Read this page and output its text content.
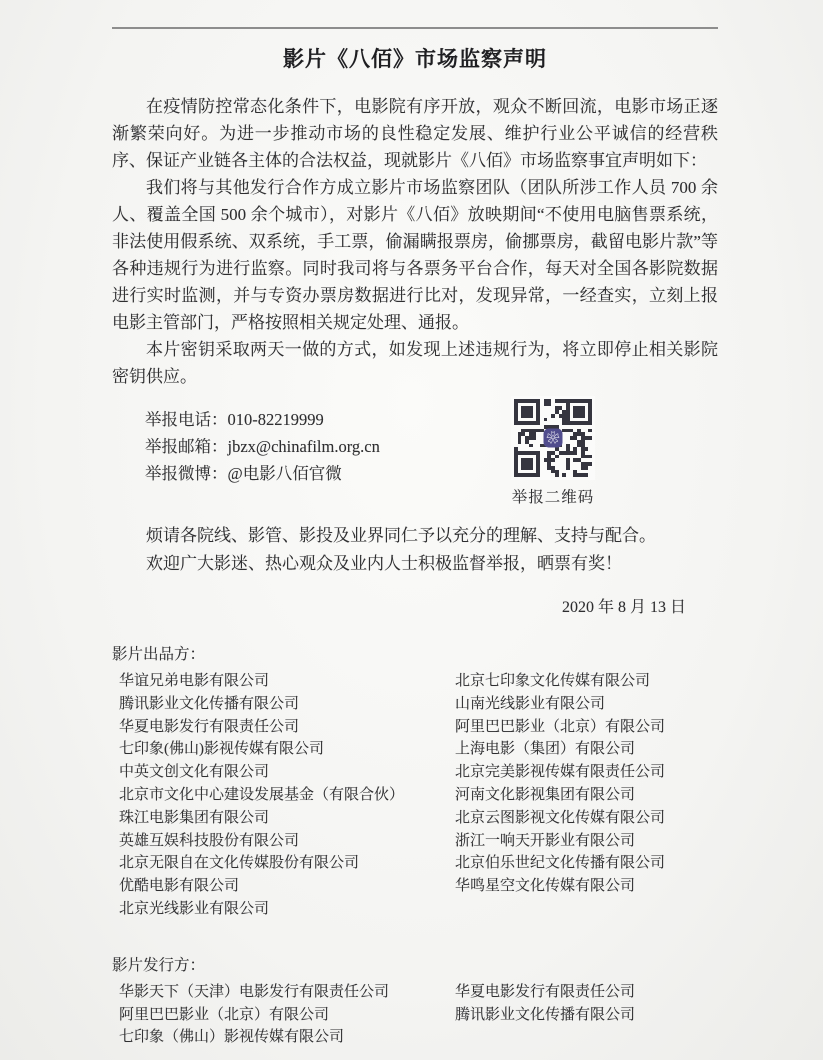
影片《八佰》市场监察声明

在疫情防控常态化条件下，电影院有序开放，观众不断回流，电影市场正逐渐繁荣向好。为进一步推动市场的良性稳定发展、维护行业公平诚信的经营秩序、保证产业链各主体的合法权益，现就影片《八佰》市场监察事宜声明如下：

我们将与其他发行合作方成立影片市场监察团队（团队所涉工作人员 700 余人、覆盖全国 500 余个城市），对影片《八佰》放映期间“不使用电脑售票系统，非法使用假系统、双系统，手工票，偷漏瞒报票房，偷挪票房，截留电影片款”等各种违规行为进行监察。同时我司将与各票务平台合作，每天对全国各影院数据进行实时监测，并与专资办票房数据进行比对，发现异常，一经查实，立刻上报电影主管部门，严格按照相关规定处理、通报。

本片密钥采取两天一做的方式，如发现上述违规行为，将立即停止相关影院密钥供应。

举报电话：010-82219999
举报邮箱：jbzx@chinafilm.org.cn
举报微博：@电影八佰官微
❀
举报二维码

烦请各院线、影管、影投及业界同仁予以充分的理解、支持与配合。

欢迎广大影迷、热心观众及业内人士积极监督举报，晒票有奖！

2020 年 8 月 13 日
影片出品方：
华谊兄弟电影有限公司	北京七印象文化传媒有限公司
腾讯影业文化传播有限公司	山南光线影业有限公司
华夏电影发行有限责任公司	阿里巴巴影业（北京）有限公司
七印象(佛山)影视传媒有限公司	上海电影（集团）有限公司
中英文创文化有限公司	北京完美影视传媒有限责任公司
北京市文化中心建设发展基金（有限合伙）	河南文化影视集团有限公司
珠江电影集团有限公司	北京云图影视文化传媒有限公司
英雄互娱科技股份有限公司	浙江一响天开影业有限公司
北京无限自在文化传媒股份有限公司	北京伯乐世纪文化传播有限公司
优酷电影有限公司	华鸣星空文化传媒有限公司
北京光线影业有限公司
影片发行方：
华影天下（天津）电影发行有限责任公司	华夏电影发行有限责任公司
阿里巴巴影业（北京）有限公司	腾讯影业文化传播有限公司
七印象（佛山）影视传媒有限公司
